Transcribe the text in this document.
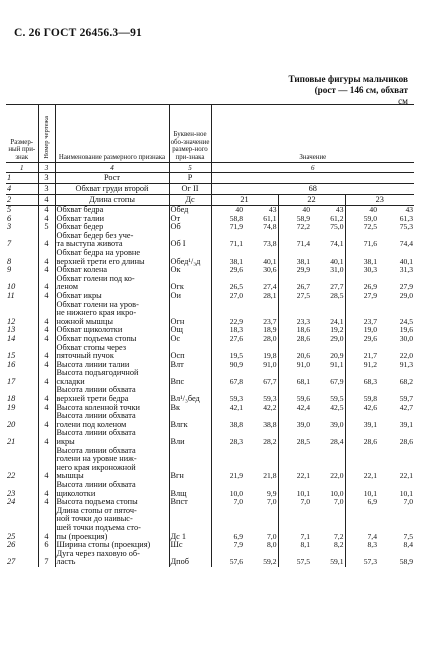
С. 26 ГОСТ 26456.3—91
Типовые фигуры мальчиков
(рост — 146 см, обхват
см
Размер-ный при-знак	Номер чертежа	Наименование размерного признака	Буквен-ное обо-значение размер-ного при-знака	Значение					
1	3	4	5	6					
1	3	Рост	Р						
4	3	Обхват груди второй	Ог II	68					
2	4	Длина стопы	Дс	21		22		23	
5	4	Обхват бедра	Обед	40	43	40	43	40	43
6	4	Обхват талии	От	58,8	61,1	58,9	61,2	59,0	61,3
3	5	Обхват бедер	Об	71,9	74,8	72,2	75,0	72,5	75,3
7	4	Обхват бедер без уче-
та выступа живота	Об I	71,1	73,8	71,4	74,1	71,6	74,4
8	4	Обхват бедра на уровне
верхней трети его длины	Обед¹/₃д	38,1	40,1	38,1	40,1	38,1	40,1
9	4	Обхват колена	Ок	29,6	30,6	29,9	31,0	30,3	31,3
10	4	Обхват голени под ко-
леном	Огк	26,5	27,4	26,7	27,7	26,9	27,9
11	4	Обхват икры	Ои	27,0	28,1	27,5	28,5	27,9	29,0
12	4	Обхват голени на уров-
не нижнего края икро-
ножной мышцы	Огн	22,9	23,7	23,3	24,1	23,7	24,5
13	4	Обхват щиколотки	Ощ	18,3	18,9	18,6	19,2	19,0	19,6
14	4	Обхват подъема стопы	Ос	27,6	28,0	28,6	29,0	29,6	30,0
15	4	Обхват стопы через
пяточный пучок	Осп	19,5	19,8	20,6	20,9	21,7	22,0
16	4	Высота линии талии	Влт	90,9	91,0	91,0	91,1	91,2	91,3
17	4	Высота подъягодичной
складки	Впс	67,8	67,7	68,1	67,9	68,3	68,2
18	4	Высота линии обхвата
верхней трети бедра	Вл¹/₃бед	59,3	59,3	59,6	59,5	59,8	59,7
19	4	Высота коленной точки	Вк	42,1	42,2	42,4	42,5	42,6	42,7
20	4	Высота линии обхвата
голени под коленом	Влгк	38,8	38,8	39,0	39,0	39,1	39,1
21	4	Высота линии обхвата
икры	Вли	28,3	28,2	28,5	28,4	28,6	28,6
22	4	Высота линии обхвата
голени на уровне ниж-
него края икроножной
мышцы	Вгн	21,9	21,8	22,1	22,0	22,1	22,1
23	4	Высота линии обхвата
щиколотки	Влщ	10,0	9,9	10,1	10,0	10,1	10,1
24	4	Высота подъема стопы	Впст	7,0	7,0	7,0	7,0	6,9	7,0
25	4	Длина стопы от пяточ-
ной точки до наивыс-
шей точки подъема сто-
пы (проекция)	Дс 1	6,9	7,0	7,1	7,2	7,4	7,5
26	6	Ширина стопы (проекция)	Шс	7,9	8,0	8,1	8,2	8,3	8,4
27	7	Дуга через паховую об-
ласть	Дпоб	57,6	59,2	57,5	59,1	57,3	58,9
